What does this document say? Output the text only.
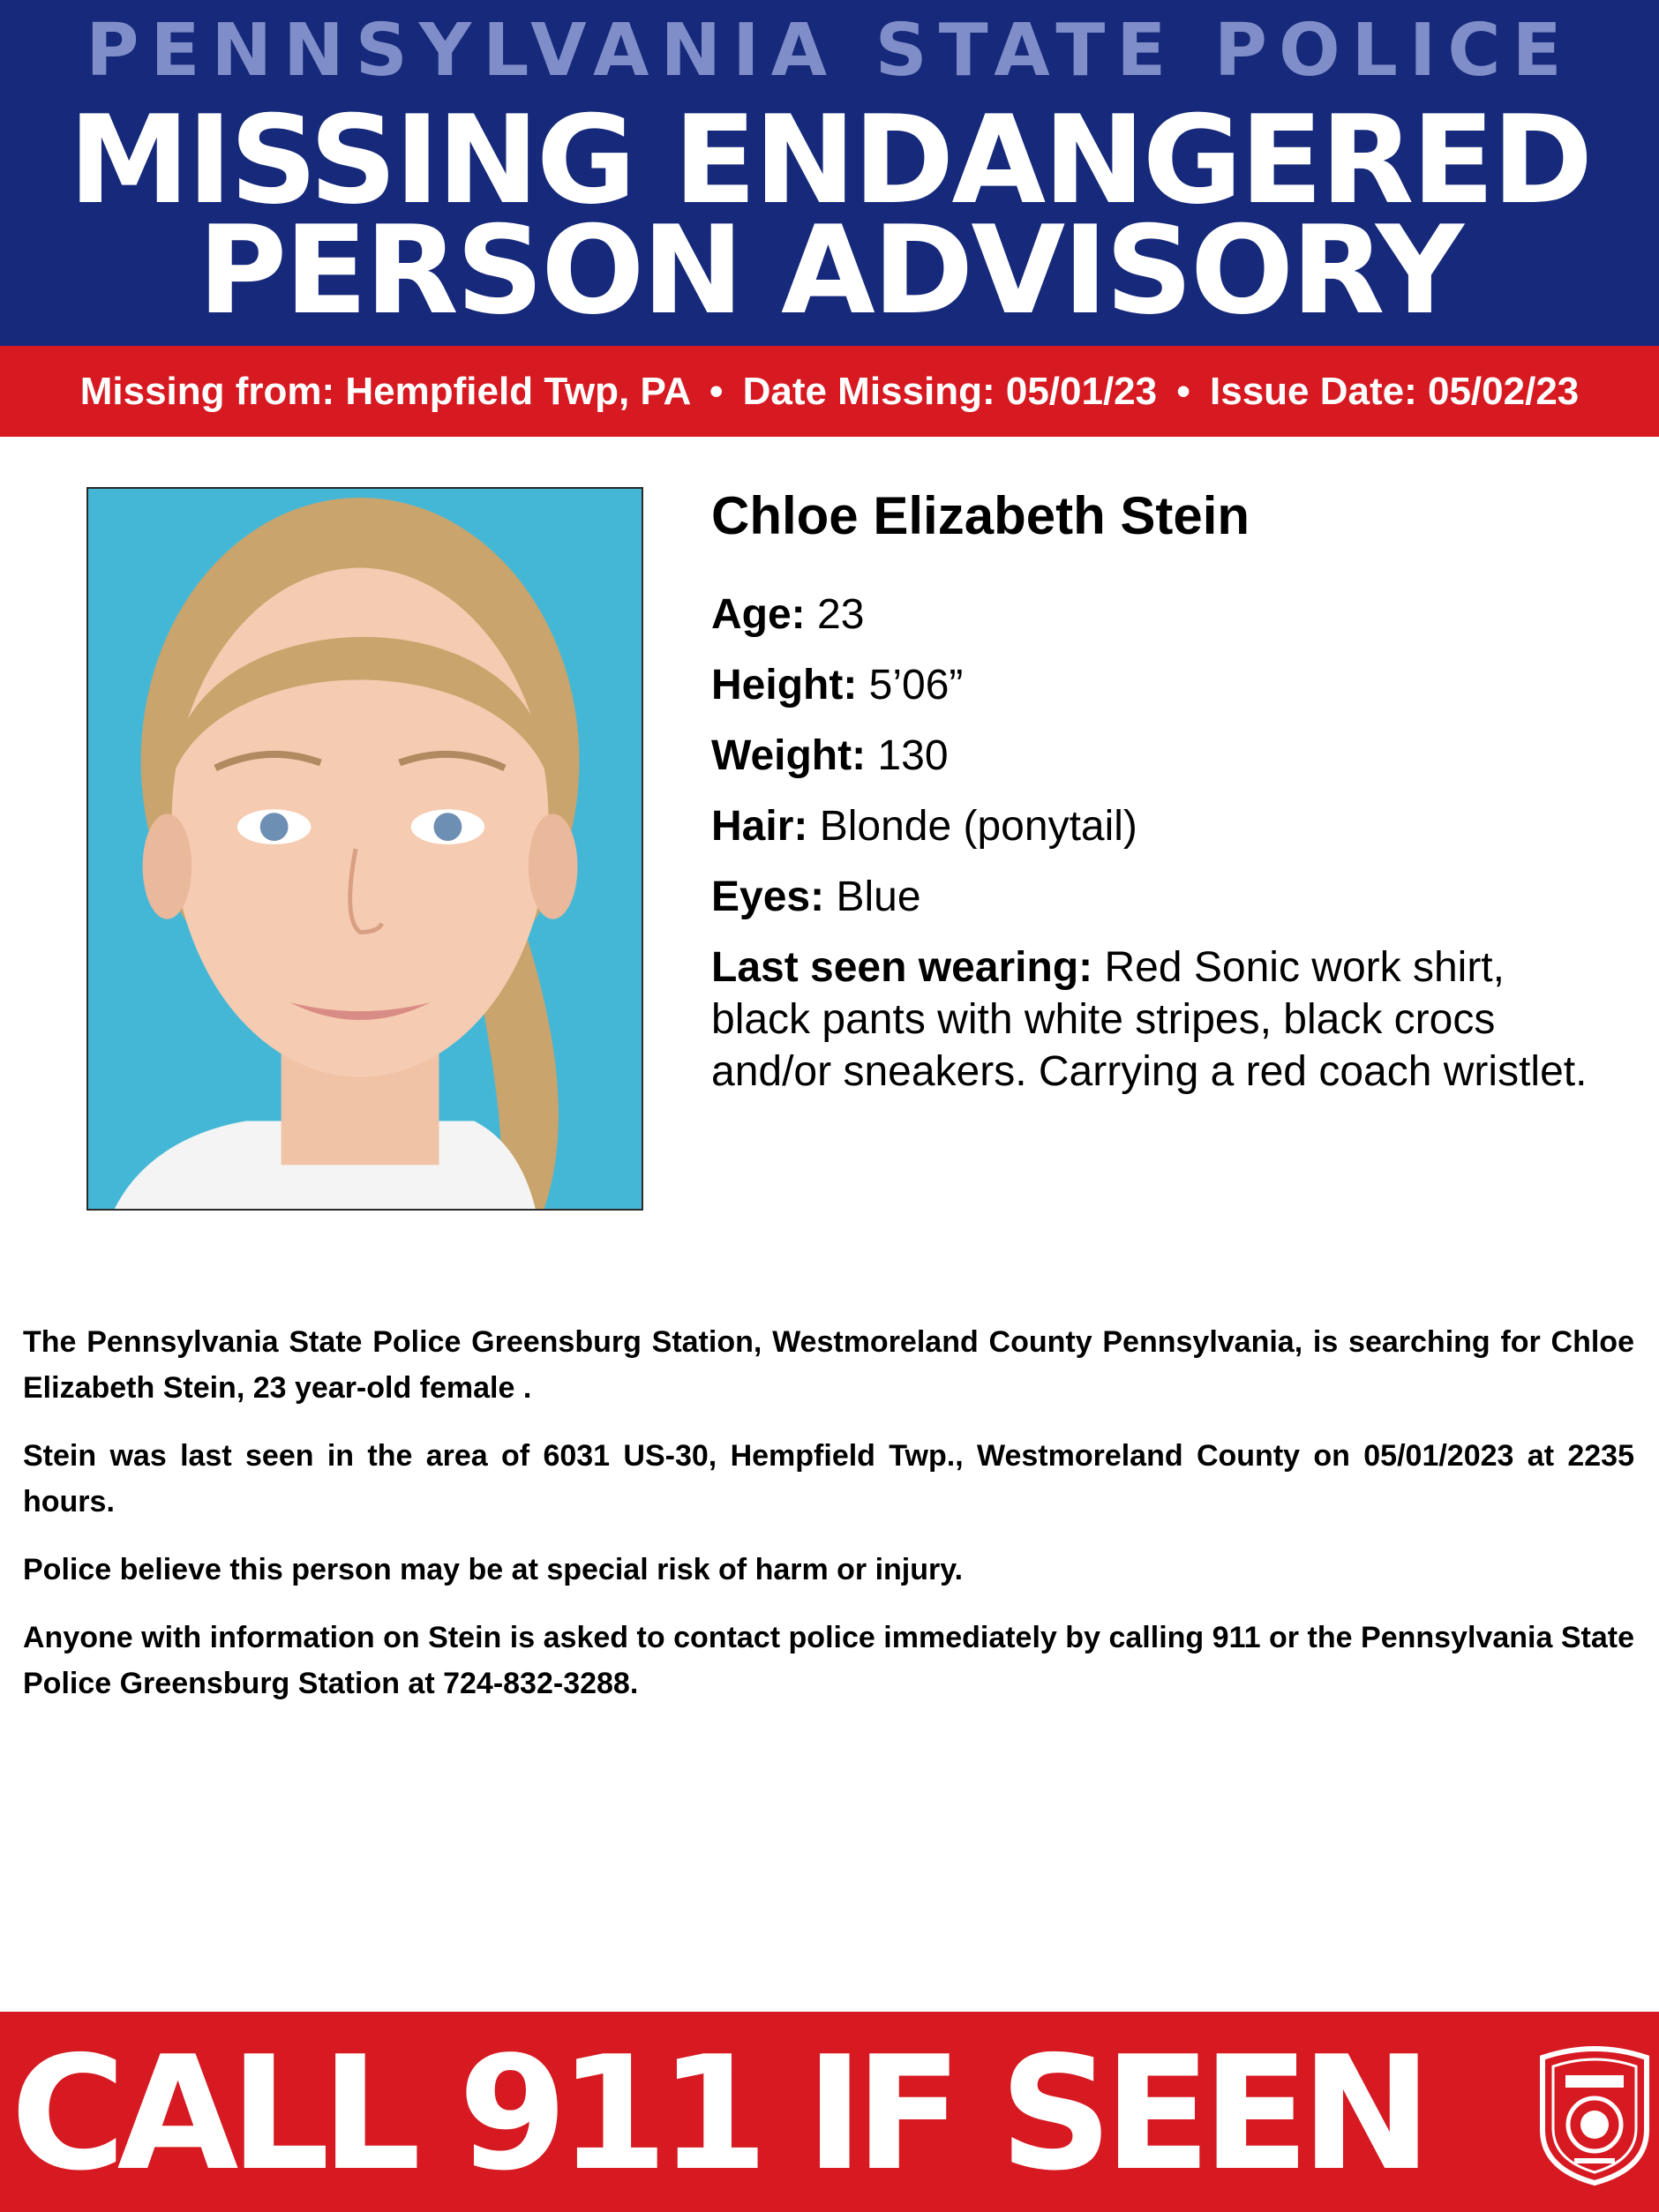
PENNSYLVANIA STATE POLICE
MISSING ENDANGERED
PERSON ADVISORY
Missing from: Hempfield Twp, PA • Date Missing: 05/01/23 • Issue Date: 05/02/23
Chloe Elizabeth Stein
Age: 23
Height: 5’06”
Weight: 130
Hair: Blonde (ponytail)
Eyes: Blue
Last seen wearing: Red Sonic work shirt, black pants with white stripes, black crocs and/or sneakers. Carrying a red coach wristlet.

The Pennsylvania State Police Greensburg Station, Westmoreland County Pennsylvania, is searching for Chloe Elizabeth Stein, 23 year-old female .

Stein was last seen in the area of 6031 US-30, Hempfield Twp., Westmoreland County on 05/01/2023 at 2235 hours.

Police believe this person may be at special risk of harm or injury.

Anyone with information on Stein is asked to contact police immediately by calling 911 or the Pennsylvania State Police Greensburg Station at 724-832-3288.

CALL 911 IF SEEN
